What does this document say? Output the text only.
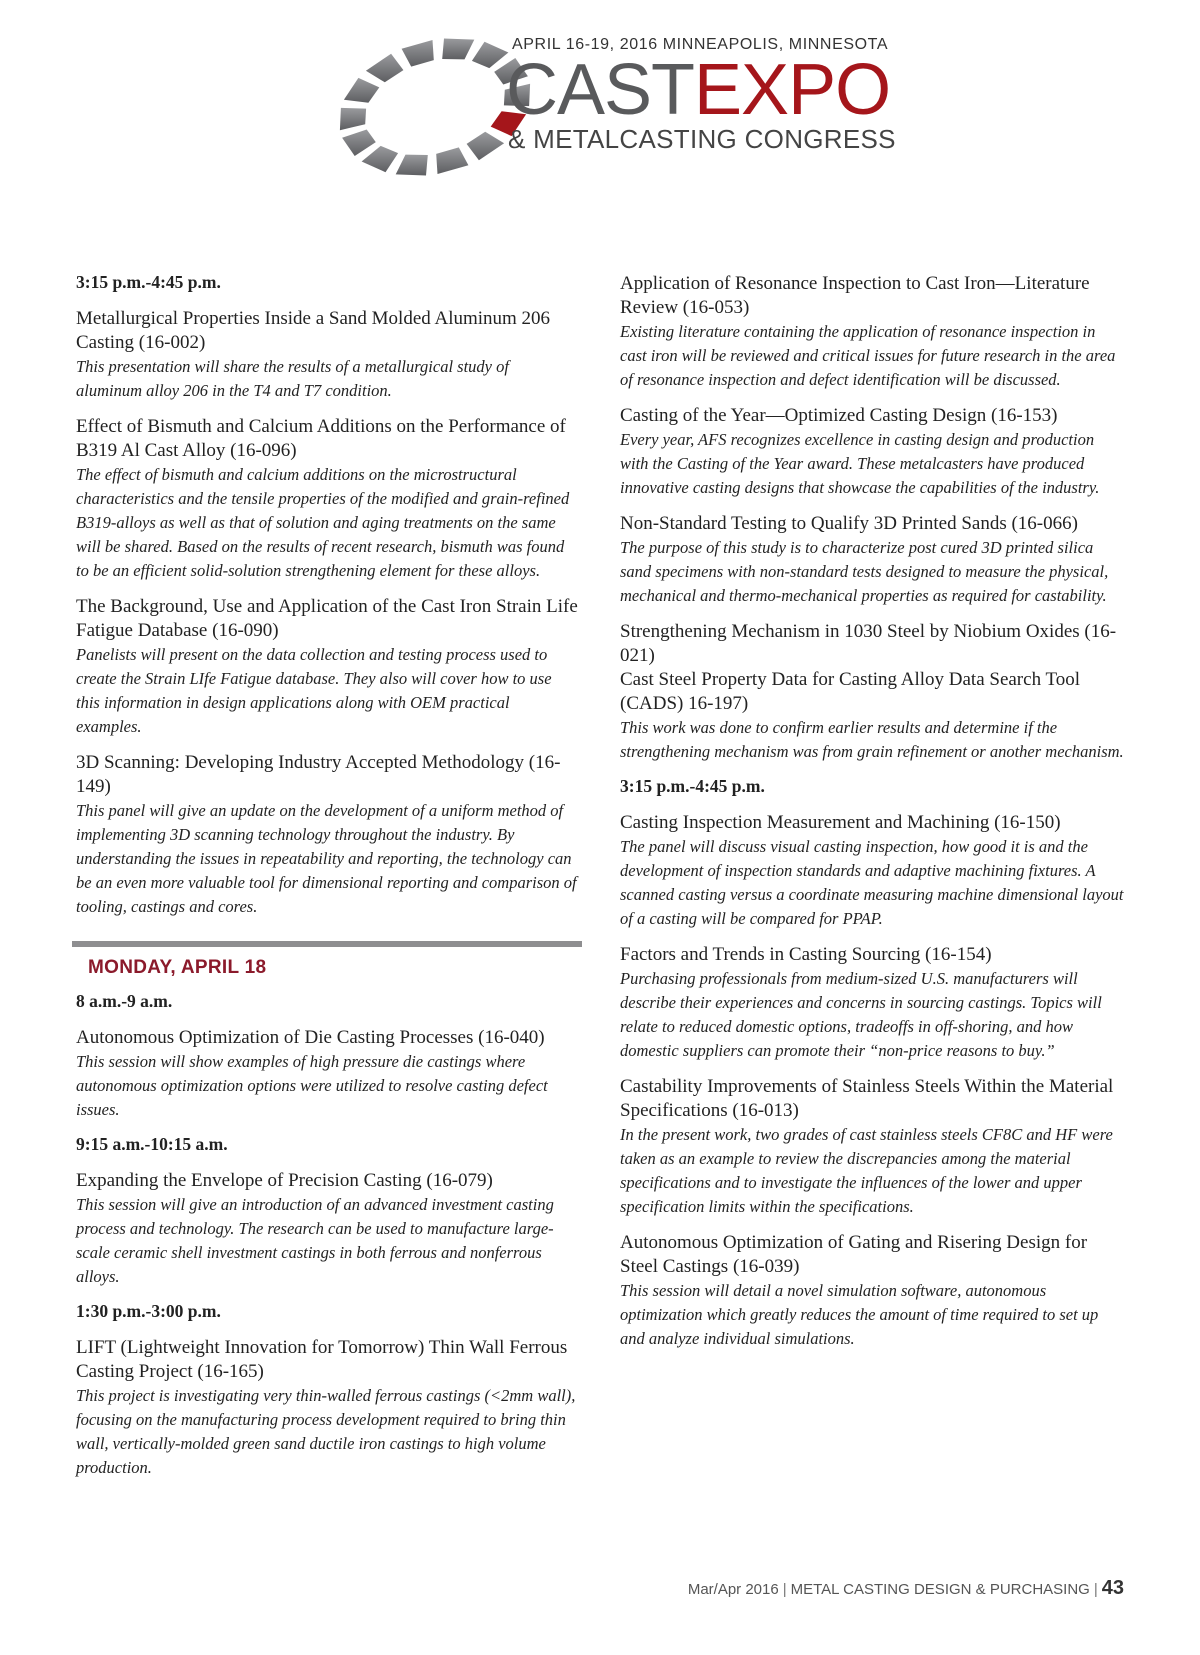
APRIL 16-19, 2016 MINNEAPOLIS, MINNESOTA
CASTEXPO
& METALCASTING CONGRESS
3:15 p.m.-4:45 p.m.
Metallurgical Properties Inside a Sand Molded Aluminum 206 Casting (16-002)
This presentation will share the results of a metallurgical study of aluminum alloy 206 in the T4 and T7 condition.
Effect of Bismuth and Calcium Additions on the Performance of B319 Al Cast Alloy (16-096)
The effect of bismuth and calcium additions on the microstructural characteristics and the tensile properties of the modified and grain-refined B319-alloys as well as that of solution and aging treatments on the same will be shared. Based on the results of recent research, bismuth was found to be an efficient solid-solution strengthening element for these alloys.
The Background, Use and Application of the Cast Iron Strain Life Fatigue Database (16-090)
Panelists will present on the data collection and testing process used to create the Strain LIfe Fatigue database. They also will cover how to use this information in design applications along with OEM practical examples.
3D Scanning: Developing Industry Accepted Methodology (16-149)
This panel will give an update on the development of a uniform method of implementing 3D scanning technology throughout the industry. By understanding the issues in repeatability and reporting, the technology can be an even more valuable tool for dimensional reporting and comparison of tooling, castings and cores.
MONDAY, APRIL 18
8 a.m.-9 a.m.
Autonomous Optimization of Die Casting Processes (16-040)
This session will show examples of high pressure die castings where autonomous optimization options were utilized to resolve casting defect issues.
9:15 a.m.-10:15 a.m.
Expanding the Envelope of Precision Casting (16-079)
This session will give an introduction of an advanced investment casting process and technology. The research can be used to manufacture large-scale ceramic shell investment castings in both ferrous and nonferrous alloys.
1:30 p.m.-3:00 p.m.
LIFT (Lightweight Innovation for Tomorrow) Thin Wall Ferrous Casting Project (16-165)
This project is investigating very thin-walled ferrous castings (<2mm wall), focusing on the manufacturing process development required to bring thin wall, vertically-molded green sand ductile iron castings to high volume production.
Application of Resonance Inspection to Cast Iron—Literature Review (16-053)
Existing literature containing the application of resonance inspection in cast iron will be reviewed and critical issues for future research in the area of resonance inspection and defect identification will be discussed.
Casting of the Year—Optimized Casting Design (16-153)
Every year, AFS recognizes excellence in casting design and production with the Casting of the Year award. These metalcasters have produced innovative casting designs that showcase the capabilities of the industry.
Non-Standard Testing to Qualify 3D Printed Sands (16-066)
The purpose of this study is to characterize post cured 3D printed silica sand specimens with non-standard tests designed to measure the physical, mechanical and thermo-mechanical properties as required for castability.
Strengthening Mechanism in 1030 Steel by Niobium Oxides (16-021)
Cast Steel Property Data for Casting Alloy Data Search Tool (CADS) 16-197)
This work was done to confirm earlier results and determine if the strengthening mechanism was from grain refinement or another mechanism.
3:15 p.m.-4:45 p.m.
Casting Inspection Measurement and Machining (16-150)
The panel will discuss visual casting inspection, how good it is and the development of inspection standards and adaptive machining fixtures. A scanned casting versus a coordinate measuring machine dimensional layout of a casting will be compared for PPAP.
Factors and Trends in Casting Sourcing (16-154)
Purchasing professionals from medium-sized U.S. manufacturers will describe their experiences and concerns in sourcing castings. Topics will relate to reduced domestic options, tradeoffs in off-shoring, and how domestic suppliers can promote their “non-price reasons to buy.”
Castability Improvements of Stainless Steels Within the Material Specifications (16-013)
In the present work, two grades of cast stainless steels CF8C and HF were taken as an example to review the discrepancies among the material specifications and to investigate the influences of the lower and upper specification limits within the specifications.
Autonomous Optimization of Gating and Risering Design for Steel Castings (16-039)
This session will detail a novel simulation software, autonomous optimization which greatly reduces the amount of time required to set up and analyze individual simulations.
Mar/Apr 2016 | METAL CASTING DESIGN & PURCHASING | 43
